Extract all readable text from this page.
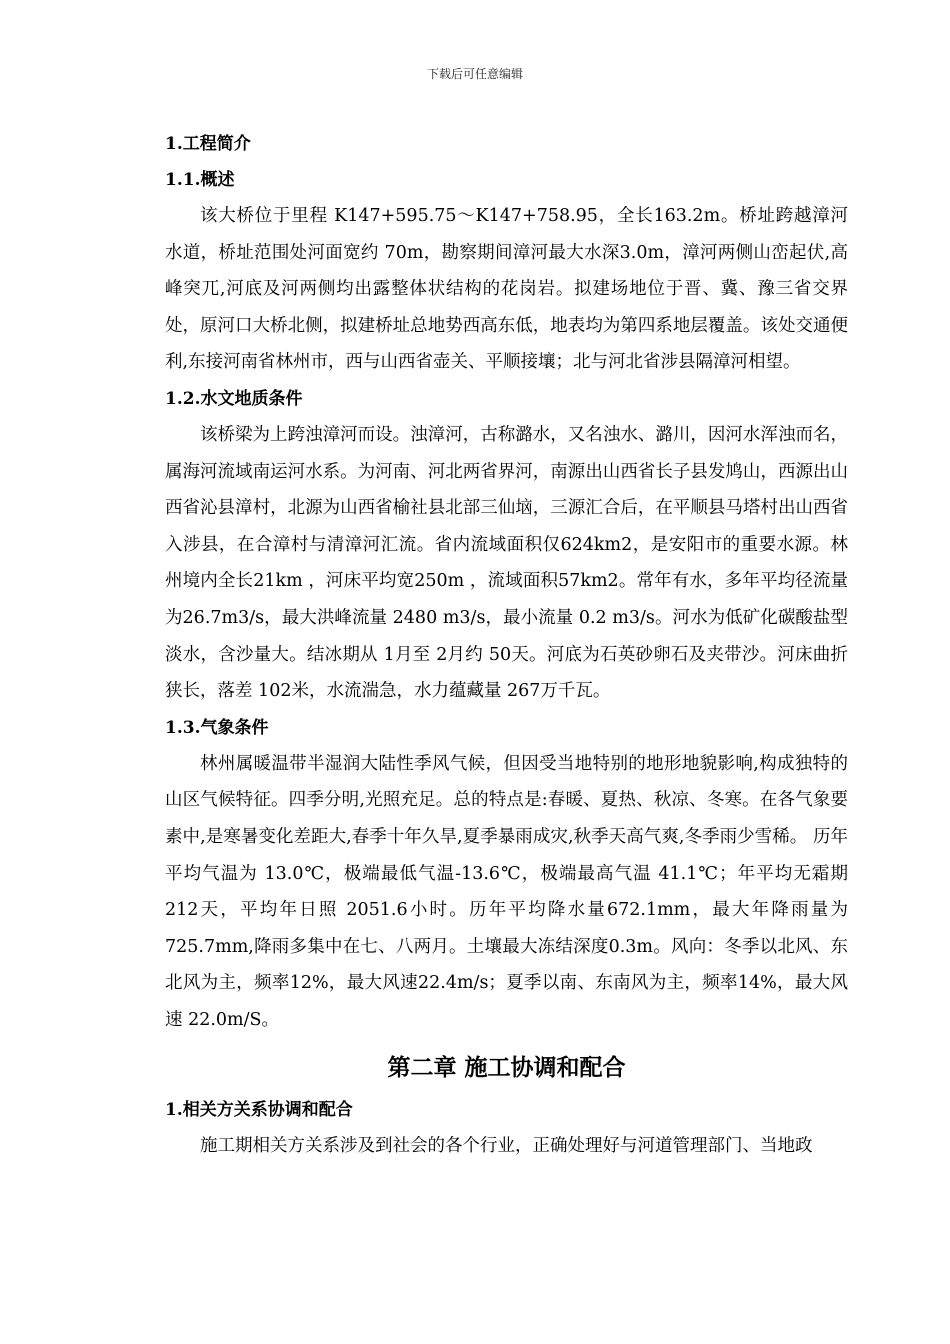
下载后可任意编辑
1.工程简介
1.1.概述

该大桥位于里程 K147+595.75～K147+758.95，全长163.2m。桥址跨越漳河水道，桥址范围处河面宽约 70m，勘察期间漳河最大水深3.0m，漳河两侧山峦起伏,高峰突兀,河底及河两侧均出露整体状结构的花岗岩。拟建场地位于晋、冀、豫三省交界处，原河口大桥北侧，拟建桥址总地势西高东低，地表均为第四系地层覆盖。该处交通便利,东接河南省林州市，西与山西省壶关、平顺接壤；北与河北省涉县隔漳河相望。

1.2.水文地质条件

该桥梁为上跨浊漳河而设。浊漳河，古称潞水，又名浊水、潞川，因河水浑浊而名，属海河流域南运河水系。为河南、河北两省界河，南源出山西省长子县发鸠山，西源出山西省沁县漳村，北源为山西省榆社县北部三仙垴，三源汇合后，在平顺县马塔村出山西省入涉县，在合漳村与清漳河汇流。省内流域面积仅624km2，是安阳市的重要水源。林州境内全长21km ，河床平均宽250m ，流域面积57km2。常年有水，多年平均径流量为26.7m3/s，最大洪峰流量 2480 m3/s，最小流量 0.2 m3/s。河水为低矿化碳酸盐型淡水，含沙量大。结冰期从 1月至 2月约 50天。河底为石英砂卵石及夹带沙。河床曲折狭长，落差 102米，水流湍急，水力蕴藏量 267万千瓦。

1.3.气象条件

林州属暖温带半湿润大陆性季风气候，但因受当地特别的地形地貌影响,构成独特的山区气候特征。四季分明,光照充足。总的特点是:春暖、夏热、秋凉、冬寒。在各气象要素中,是寒暑变化差距大,春季十年久旱,夏季暴雨成灾,秋季天高气爽,冬季雨少雪稀。 历年平均气温为 13.0℃，极端最低气温-13.6℃，极端最高气温 41.1℃；年平均无霜期 212天，平均年日照 2051.6小时。历年平均降水量672.1mm，最大年降雨量为725.7mm,降雨多集中在七、八两月。土壤最大冻结深度0.3m。风向：冬季以北风、东北风为主，频率12%，最大风速22.4m/s；夏季以南、东南风为主，频率14%，最大风速 22.0m/S。

第二章 施工协调和配合
1.相关方关系协调和配合

施工期相关方关系涉及到社会的各个行业，正确处理好与河道管理部门、当地政
